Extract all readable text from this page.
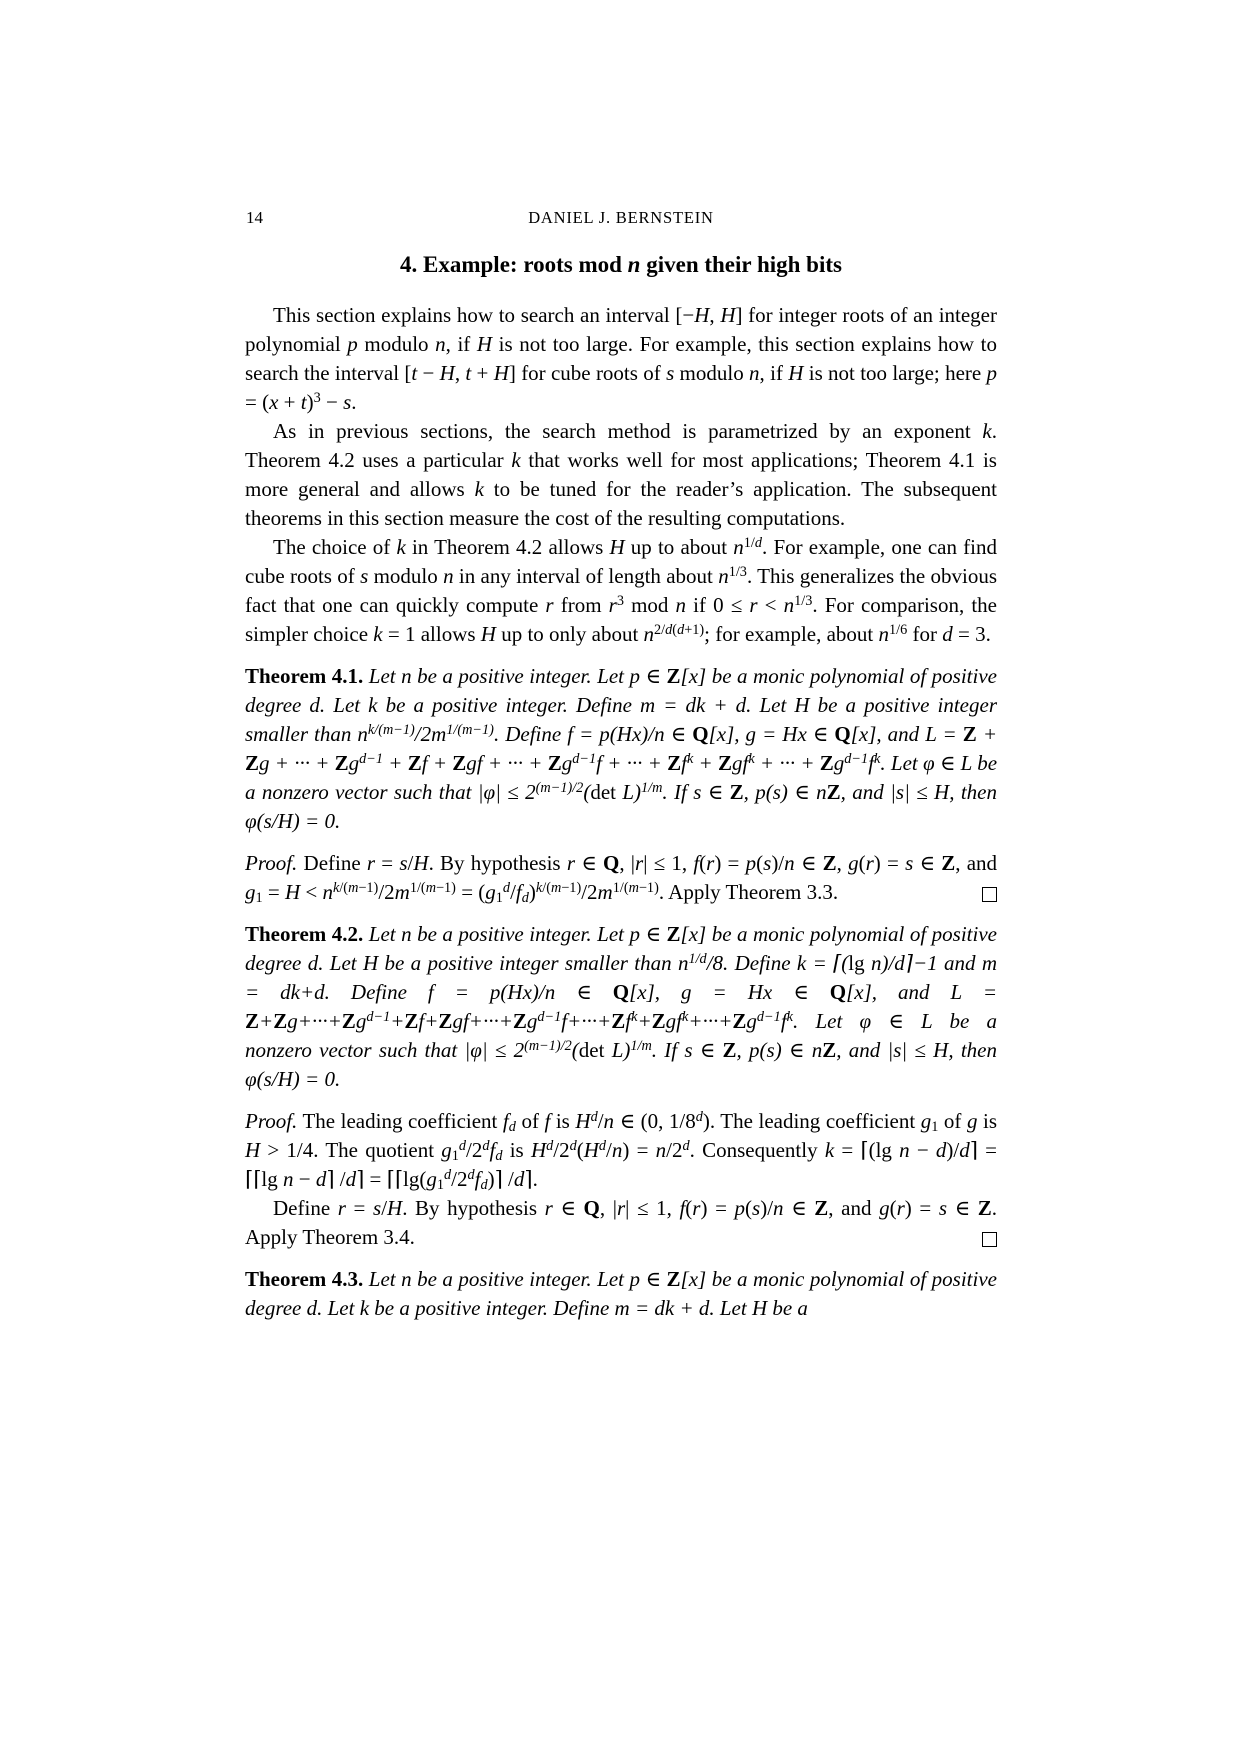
14	DANIEL J. BERNSTEIN
4. Example: roots mod n given their high bits

This section explains how to search an interval [−H, H] for integer roots of an integer polynomial p modulo n, if H is not too large. For example, this section explains how to search the interval [t − H, t + H] for cube roots of s modulo n, if H is not too large; here $p = (x + t)^3 - s$.

As in previous sections, the search method is parametrized by an exponent k. Theorem 4.2 uses a particular k that works well for most applications; Theorem 4.1 is more general and allows k to be tuned for the reader’s application. The subsequent theorems in this section measure the cost of the resulting computations.

The choice of k in Theorem 4.2 allows H up to about $n^{1/d}$. For example, one can find cube roots of s modulo n in any interval of length about $n^{1/3}$. This generalizes the obvious fact that one can quickly compute r from $r^3$ mod n if $0 \le r < n^{1/3}$. For comparison, the simpler choice k = 1 allows H up to only about $n^{2/d(d+1)}$; for example, about $n^{1/6}$ for d = 3.

Theorem 4.1. Let n be a positive integer. Let p ∈ Z[x] be a monic polynomial of positive degree d. Let k be a positive integer. Define m = dk + d. Let H be a positive integer smaller than $n^{k/(m-1)}/2m^{1/(m-1)}$. Define f = p(Hx)/n ∈ Q[x], g = Hx ∈ Q[x], and L = Z + Zg + ··· + $Zg^{d-1} + Zf$ + Zgf + ··· + $Zg^{d-1}f$ + ··· + $Zf^k + Zgf^k$ + ··· + $Zg^{d-1}f^k$. Let φ ∈ L be a nonzero vector such that $|\varphi| \le 2^{(m-1)/2}(\det$ L)$^{1/m}$. If s ∈ Z, p(s) ∈ nZ, and |s| ≤ H, then φ(s/H) = 0.

Proof. Define r = s/H. By hypothesis r ∈ Q, |r| ≤ 1, f(r) = p(s)/n ∈ Z, g(r) = s ∈ Z, and $g_1 = H < n^{k/(m-1)}/2m^{1/(m-1)} = (g_1^d/f_d)^{k/(m-1)}/2m^{1/(m-1)}$. Apply Theorem 3.3.

Theorem 4.2. Let n be a positive integer. Let p ∈ Z[x] be a monic polynomial of positive degree d. Let H be a positive integer smaller than $n^{1/d}/8$. Define k = ⌈(lg n)/d⌉−1 and m = dk+d. Define f = p(Hx)/n ∈ Q[x], g = Hx ∈ Q[x], and $L = Z+Zg+\cdot\cdot\cdot+Zg^{d-1}+Zf+Zgf+\cdot\cdot\cdot+Zg^{d-1}f+\cdot\cdot\cdot+Zf^k+Zgf^k+\cdot\cdot\cdot+Zg^{d-1}f^k$. Let φ ∈ L be a nonzero vector such that $|\varphi| \le 2^{(m-1)/2}(\det$ L)$^{1/m}$. If s ∈ Z, p(s) ∈ nZ, and |s| ≤ H, then φ(s/H) = 0.

Proof. The leading coefficient $f_d$ of f is $H^d/n$ ∈ (0, 1/8$^d$). The leading coefficient $g_1$ of g is H > 1/4. The quotient $g_1^d/2^df_d$ is $H^d/2^d(H^d/n) = n/2^d$. Consequently k = ⌈(lg n − d)/d⌉ = ⌈⌈lg n − d⌉ /d⌉ = $⌈⌈\lg(g_1^d/2^df_d)⌉$ /d⌉.

Define r = s/H. By hypothesis r ∈ Q, |r| ≤ 1, f(r) = p(s)/n ∈ Z, and g(r) = s ∈ Z. Apply Theorem 3.4.

Theorem 4.3. Let n be a positive integer. Let p ∈ Z[x] be a monic polynomial of positive degree d. Let k be a positive integer. Define m = dk + d. Let H be a
